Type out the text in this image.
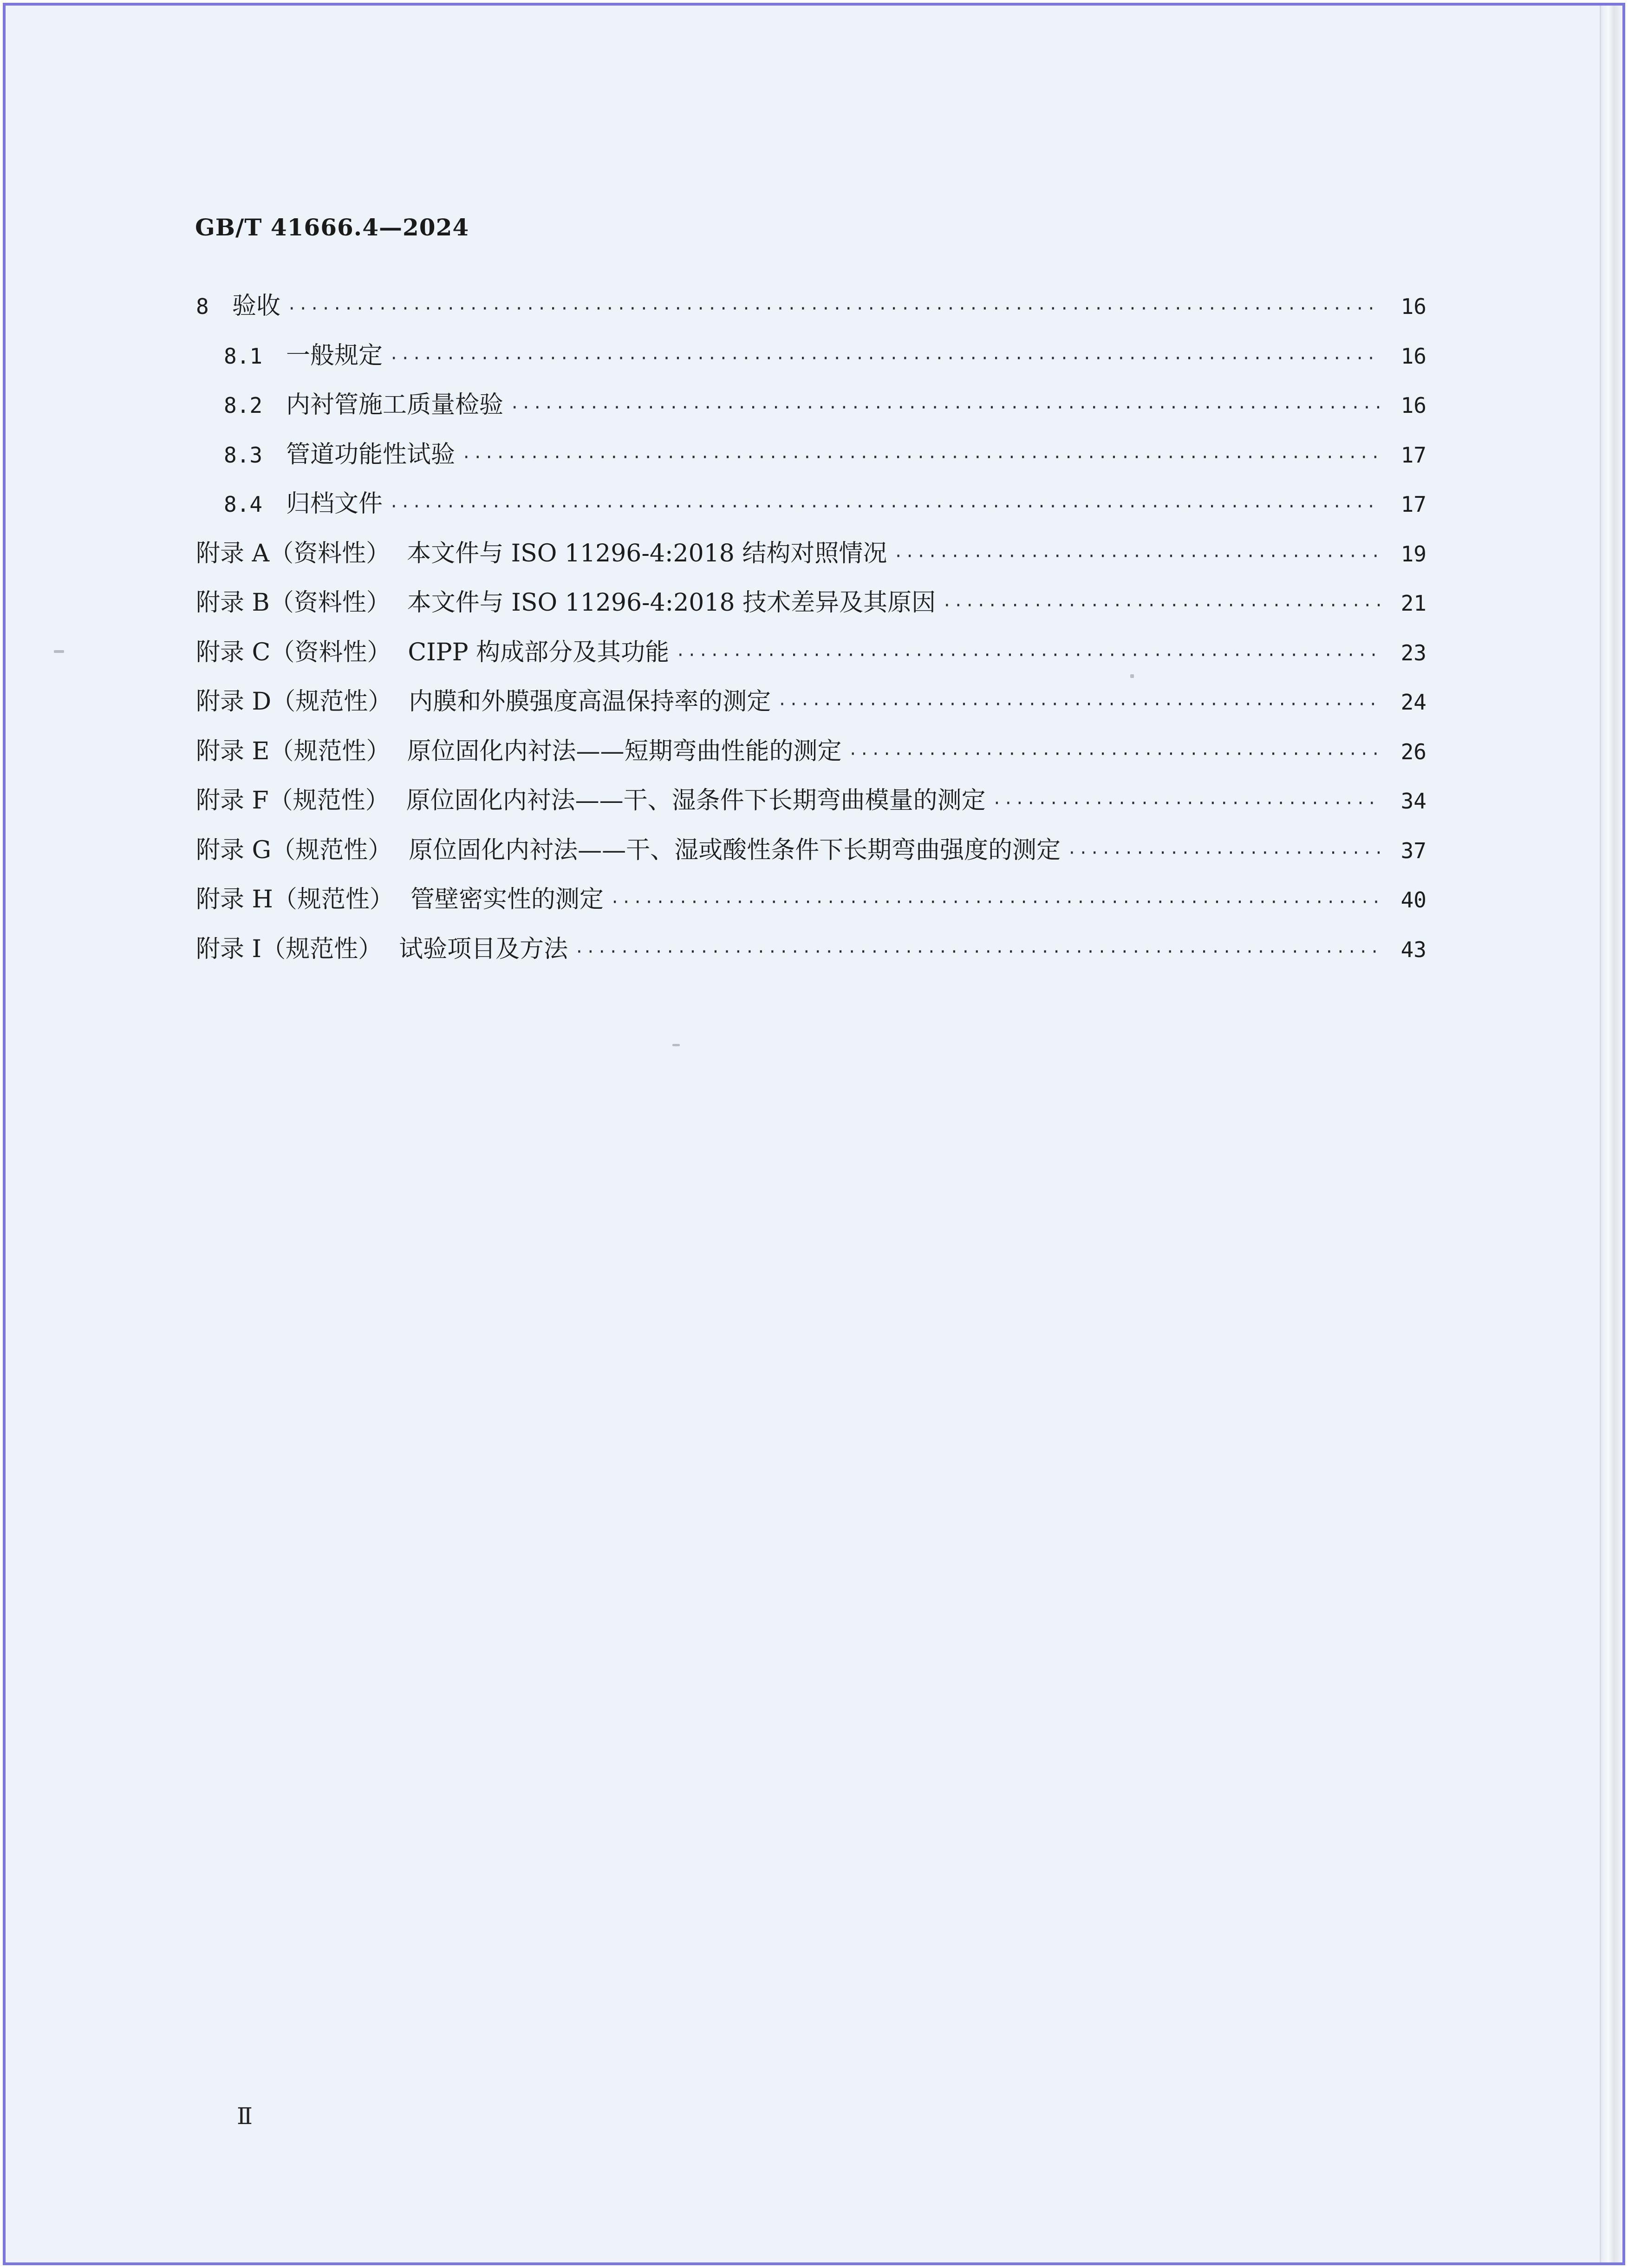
GB/T 41666.4—2024
8 验收 ·····	16
8.1 一般规定 ·····	16
8.2 内衬管施工质量检验 ·····	16
8.3 管道功能性试验 ·····	17
8.4 归档文件 ·····	17
附录 A（资料性） 本文件与 ISO 11296-4:2018 结构对照情况 ·····	19
附录 B（资料性） 本文件与 ISO 11296-4:2018 技术差异及其原因 ·····	21
附录 C（资料性） CIPP 构成部分及其功能 ·····	23
附录 D（规范性） 内膜和外膜强度高温保持率的测定 ·····	24
附录 E（规范性） 原位固化内衬法——短期弯曲性能的测定 ·····	26
附录 F（规范性） 原位固化内衬法——干、湿条件下长期弯曲模量的测定 ·····	34
附录 G（规范性） 原位固化内衬法——干、湿或酸性条件下长期弯曲强度的测定 ·····	37
附录 H（规范性） 管壁密实性的测定 ·····	40
附录 I（规范性） 试验项目及方法 ·····	43
Ⅱ
